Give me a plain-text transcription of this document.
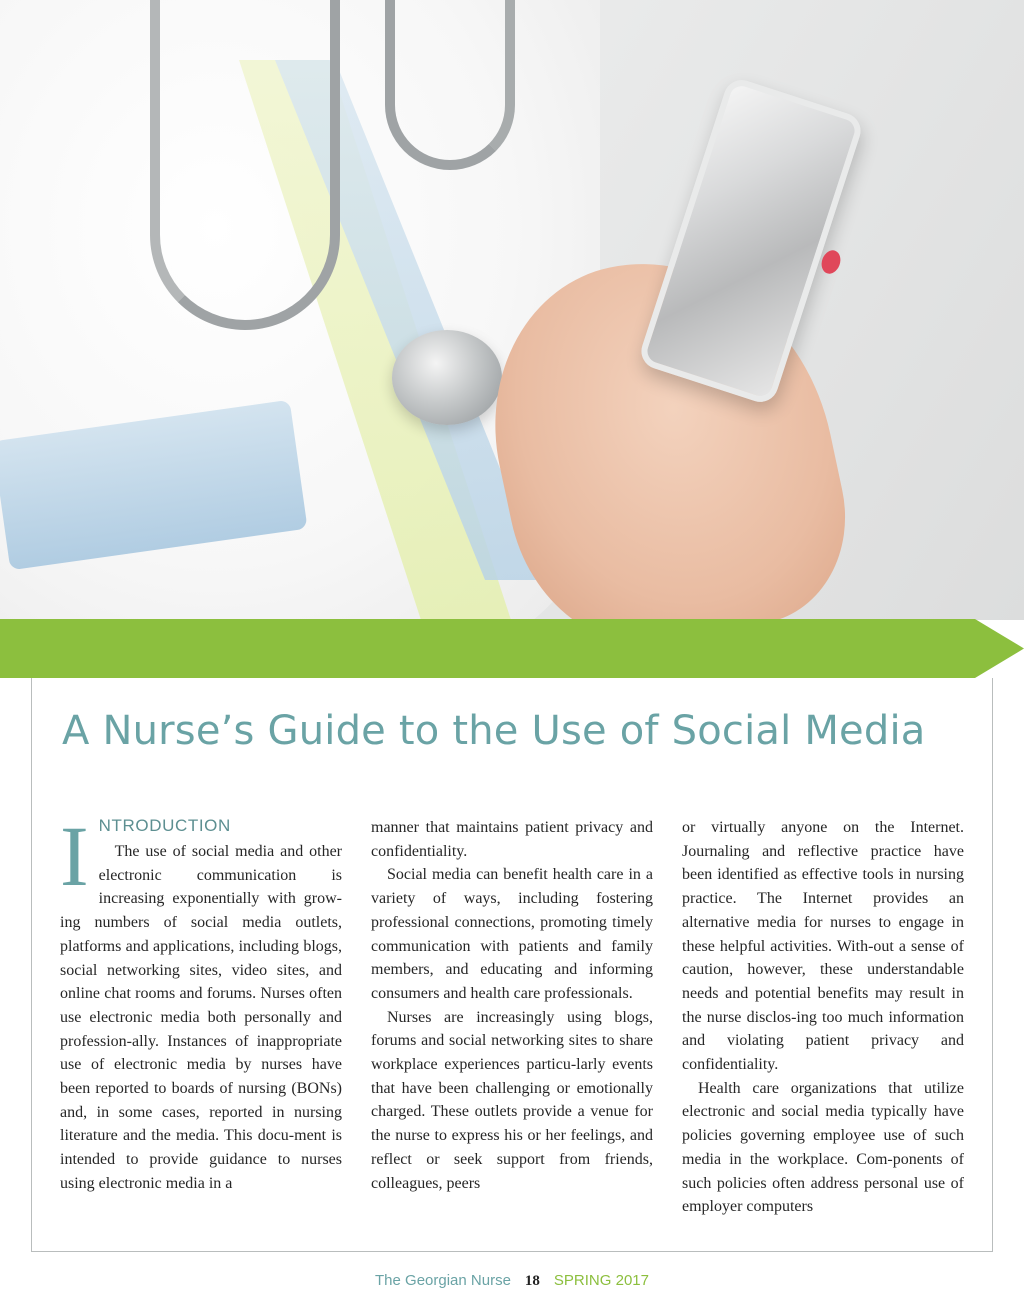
A Nurse’s Guide to the Use of Social Media
I NTRODUCTION

The use of social media and other electronic communication is increasing exponentially with grow-ing numbers of social media outlets, platforms and applications, including blogs, social networking sites, video sites, and online chat rooms and forums. Nurses often use electronic media both personally and profession-ally. Instances of inappropriate use of electronic media by nurses have been reported to boards of nursing (BONs) and, in some cases, reported in nursing literature and the media. This docu-ment is intended to provide guidance to nurses using electronic media in a

manner that maintains patient privacy and confidentiality.

Social media can benefit health care in a variety of ways, including fostering professional connections, promoting timely communication with patients and family members, and educating and informing consumers and health care professionals.

Nurses are increasingly using blogs, forums and social networking sites to share workplace experiences particu-larly events that have been challenging or emotionally charged. These outlets provide a venue for the nurse to express his or her feelings, and reflect or seek support from friends, colleagues, peers

or virtually anyone on the Internet. Journaling and reflective practice have been identified as effective tools in nursing practice. The Internet provides an alternative media for nurses to engage in these helpful activities. With-out a sense of caution, however, these understandable needs and potential benefits may result in the nurse disclos-ing too much information and violating patient privacy and confidentiality.

Health care organizations that utilize electronic and social media typically have policies governing employee use of such media in the workplace. Com-ponents of such policies often address personal use of employer computers

The Georgian Nurse 18 SPRING 2017
